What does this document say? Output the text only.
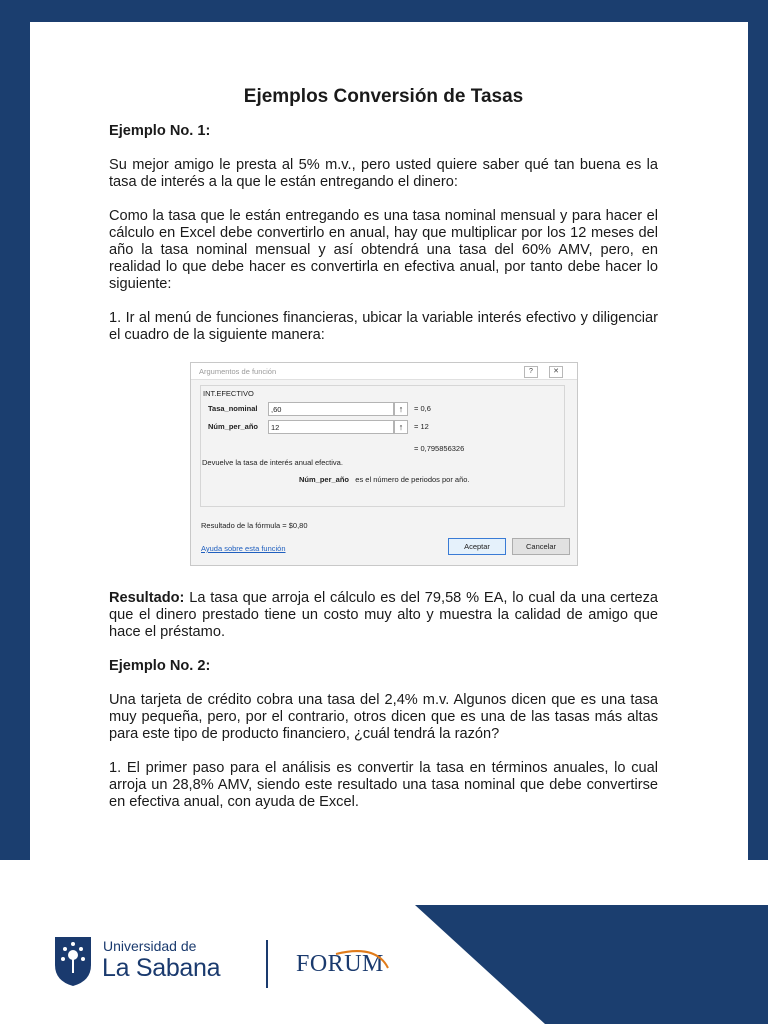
Ejemplos Conversión de Tasas
Ejemplo No. 1:
Su mejor amigo le presta al 5% m.v., pero usted quiere saber qué tan buena es la tasa de interés a la que le están entregando el dinero:
Como la tasa que le están entregando es una tasa nominal mensual y para hacer el cálculo en Excel debe convertirlo en anual, hay que multiplicar por los 12 meses del año la tasa nominal mensual y así obtendrá una tasa del 60% AMV, pero, en realidad lo que debe hacer es convertirla en efectiva anual, por tanto debe hacer lo siguiente:
1. Ir al menú de funciones financieras, ubicar la variable interés efectivo y diligenciar el cuadro de la siguiente manera:
Resultado: La tasa que arroja el cálculo es del 79,58 % EA, lo cual da una certeza que el dinero prestado tiene un costo muy alto y muestra la calidad de amigo que hace el préstamo.
Ejemplo No. 2:
Una tarjeta de crédito cobra una tasa del 2,4% m.v. Algunos dicen que es una tasa muy pequeña, pero, por el contrario, otros dicen que es una de las tasas más altas para este tipo de producto financiero, ¿cuál tendrá la razón?
1. El primer paso para el análisis es convertir la tasa en términos anuales, lo cual arroja un 28,8% AMV, siendo este resultado una tasa nominal que debe convertirse en efectiva anual, con ayuda de Excel.
Argumentos de función	?	✕
INT.EFECTIVO
Tasa_nominal	,60	↑	= 0,6
Núm_per_año	12	↑	= 12
= 0,795856326
Devuelve la tasa de interés anual efectiva.
Núm_per_año es el número de periodos por año.
Resultado de la fórmula = $0,80
Ayuda sobre esta función	Aceptar	Cancelar
Universidad de
La Sabana	FORUM
